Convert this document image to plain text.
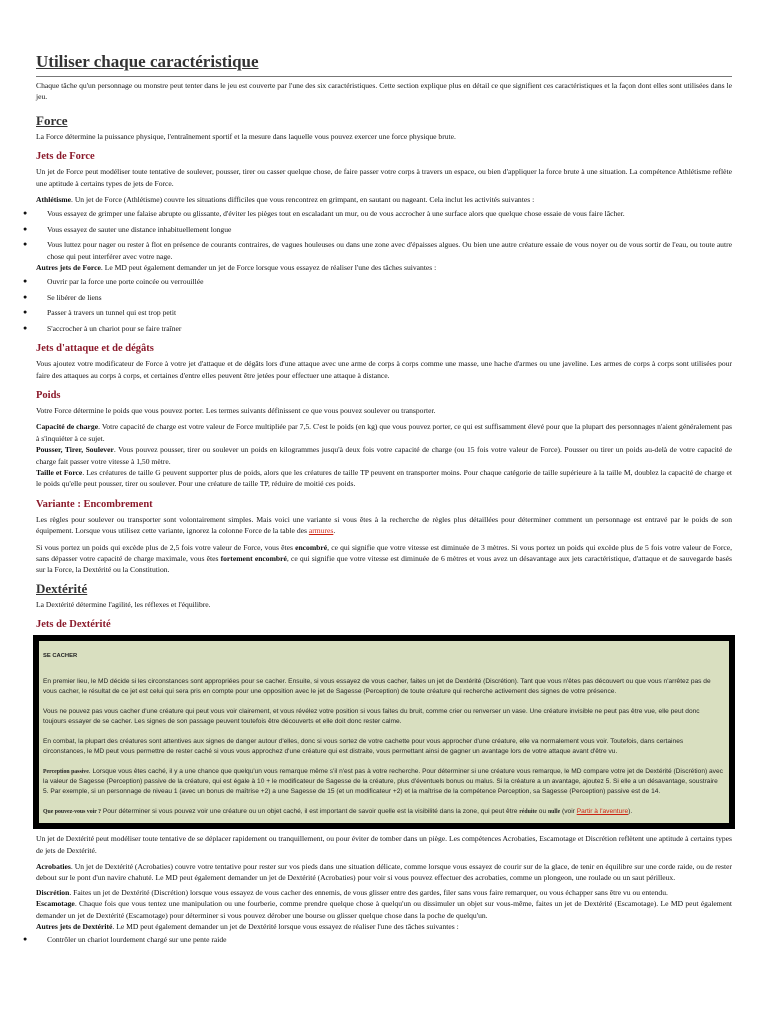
Utiliser chaque caractéristique

Chaque tâche qu'un personnage ou monstre peut tenter dans le jeu est couverte par l'une des six caractéristiques. Cette section explique plus en détail ce que signifient ces caractéristiques et la façon dont elles sont utilisées dans le jeu.

Force

La Force détermine la puissance physique, l'entraînement sportif et la mesure dans laquelle vous pouvez exercer une force physique brute.

Jets de Force

Un jet de Force peut modéliser toute tentative de soulever, pousser, tirer ou casser quelque chose, de faire passer votre corps à travers un espace, ou bien d'appliquer la force brute à une situation. La compétence Athlétisme reflète une aptitude à certains types de jets de Force.

Athlétisme. Un jet de Force (Athlétisme) couvre les situations difficiles que vous rencontrez en grimpant, en sautant ou nageant. Cela inclut les activités suivantes :

● Vous essayez de grimper une falaise abrupte ou glissante, d'éviter les pièges tout en escaladant un mur, ou de vous accrocher à une surface alors que quelque chose essaie de vous faire lâcher.
● Vous essayez de sauter une distance inhabituellement longue
● Vous luttez pour nager ou rester à flot en présence de courants contraires, de vagues houleuses ou dans une zone avec d'épaisses algues. Ou bien une autre créature essaie de vous noyer ou de vous sortir de l'eau, ou toute autre chose qui peut interférer avec votre nage.

Autres jets de Force. Le MD peut également demander un jet de Force lorsque vous essayez de réaliser l'une des tâches suivantes :

● Ouvrir par la force une porte coincée ou verrouillée
● Se libérer de liens
● Passer à travers un tunnel qui est trop petit
● S'accrocher à un chariot pour se faire traîner
Jets d'attaque et de dégâts

Vous ajoutez votre modificateur de Force à votre jet d'attaque et de dégâts lors d'une attaque avec une arme de corps à corps comme une masse, une hache d'armes ou une javeline. Les armes de corps à corps sont utilisées pour faire des attaques au corps à corps, et certaines d'entre elles peuvent être jetées pour effectuer une attaque à distance.

Poids

Votre Force détermine le poids que vous pouvez porter. Les termes suivants définissent ce que vous pouvez soulever ou transporter.

Capacité de charge. Votre capacité de charge est votre valeur de Force multipliée par 7,5. C'est le poids (en kg) que vous pouvez porter, ce qui est suffisamment élevé pour que la plupart des personnages n'aient généralement pas à s'inquiéter à ce sujet.

Pousser, Tirer, Soulever. Vous pouvez pousser, tirer ou soulever un poids en kilogrammes jusqu'à deux fois votre capacité de charge (ou 15 fois votre valeur de Force). Pousser ou tirer un poids au-delà de votre capacité de charge fait passer votre vitesse à 1,50 mètre.

Taille et Force. Les créatures de taille G peuvent supporter plus de poids, alors que les créatures de taille TP peuvent en transporter moins. Pour chaque catégorie de taille supérieure à la taille M, doublez la capacité de charge et le poids qu'elle peut pousser, tirer ou soulever. Pour une créature de taille TP, réduire de moitié ces poids.

Variante : Encombrement

Les règles pour soulever ou transporter sont volontairement simples. Mais voici une variante si vous êtes à la recherche de règles plus détaillées pour déterminer comment un personnage est entravé par le poids de son équipement. Lorsque vous utilisez cette variante, ignorez la colonne Force de la table des armures.

Si vous portez un poids qui excède plus de 2,5 fois votre valeur de Force, vous êtes encombré, ce qui signifie que votre vitesse est diminuée de 3 mètres. Si vous portez un poids qui excède plus de 5 fois votre valeur de Force, sans dépasser votre capacité de charge maximale, vous êtes fortement encombré, ce qui signifie que votre vitesse est diminuée de 6 mètres et vous avez un désavantage aux jets caractéristique, d'attaque et de sauvegarde basés sur la Force, la Dextérité ou la Constitution.

Dextérité

La Dextérité détermine l'agilité, les réflexes et l'équilibre.

Jets de Dextérité

SE CACHER

En premier lieu, le MD décide si les circonstances sont appropriées pour se cacher. Ensuite, si vous essayez de vous cacher, faites un jet de Dextérité (Discrétion). Tant que vous n'êtes pas découvert ou que vous n'arrêtez pas de vous cacher, le résultat de ce jet est celui qui sera pris en compte pour une opposition avec le jet de Sagesse (Perception) de toute créature qui recherche activement des signes de votre présence.

Vous ne pouvez pas vous cacher d'une créature qui peut vous voir clairement, et vous révélez votre position si vous faites du bruit, comme crier ou renverser un vase. Une créature invisible ne peut pas être vue, elle peut donc toujours essayer de se cacher. Les signes de son passage peuvent toutefois être découverts et elle doit donc rester calme.

En combat, la plupart des créatures sont attentives aux signes de danger autour d'elles, donc si vous sortez de votre cachette pour vous approcher d'une créature, elle va normalement vous voir. Toutefois, dans certaines circonstances, le MD peut vous permettre de rester caché si vous vous approchez d'une créature qui est distraite, vous permettant ainsi de gagner un avantage lors de votre attaque avant d'être vu.

Perception passive. Lorsque vous êtes caché, il y a une chance que quelqu'un vous remarque même s'il n'est pas à votre recherche. Pour déterminer si une créature vous remarque, le MD compare votre jet de Dextérité (Discrétion) avec la valeur de Sagesse (Perception) passive de la créature, qui est égale à 10 + le modificateur de Sagesse de la créature, plus d'éventuels bonus ou malus. Si la créature a un avantage, ajoutez 5. Si elle a un désavantage, soustraire 5. Par exemple, si un personnage de niveau 1 (avec un bonus de maîtrise +2) a une Sagesse de 15 (et un modificateur +2) et la maîtrise de la compétence Perception, sa Sagesse (Perception) passive est de 14.

Que pouvez-vous voir ? Pour déterminer si vous pouvez voir une créature ou un objet caché, il est important de savoir quelle est la visibilité dans la zone, qui peut être réduite ou nulle (voir Partir à l'aventure).

Un jet de Dextérité peut modéliser toute tentative de se déplacer rapidement ou tranquillement, ou pour éviter de tomber dans un piège. Les compétences Acrobaties, Escamotage et Discrétion reflètent une aptitude à certains types de jets de Dextérité.

Acrobaties. Un jet de Dextérité (Acrobaties) couvre votre tentative pour rester sur vos pieds dans une situation délicate, comme lorsque vous essayez de courir sur de la glace, de tenir en équilibre sur une corde raide, ou de rester debout sur le pont d'un navire chahuté. Le MD peut également demander un jet de Dextérité (Acrobaties) pour voir si vous pouvez effectuer des acrobaties, comme un plongeon, une roulade ou un saut périlleux.

Discrétion. Faites un jet de Dextérité (Discrétion) lorsque vous essayez de vous cacher des ennemis, de vous glisser entre des gardes, filer sans vous faire remarquer, ou vous échapper sans être vu ou entendu.

Escamotage. Chaque fois que vous tentez une manipulation ou une fourberie, comme prendre quelque chose à quelqu'un ou dissimuler un objet sur vous-même, faites un jet de Dextérité (Escamotage). Le MD peut également demander un jet de Dextérité (Escamotage) pour déterminer si vous pouvez dérober une bourse ou glisser quelque chose dans la poche de quelqu'un.

Autres jets de Dextérité. Le MD peut également demander un jet de Dextérité lorsque vous essayez de réaliser l'une des tâches suivantes :

● Contrôler un chariot lourdement chargé sur une pente raide
